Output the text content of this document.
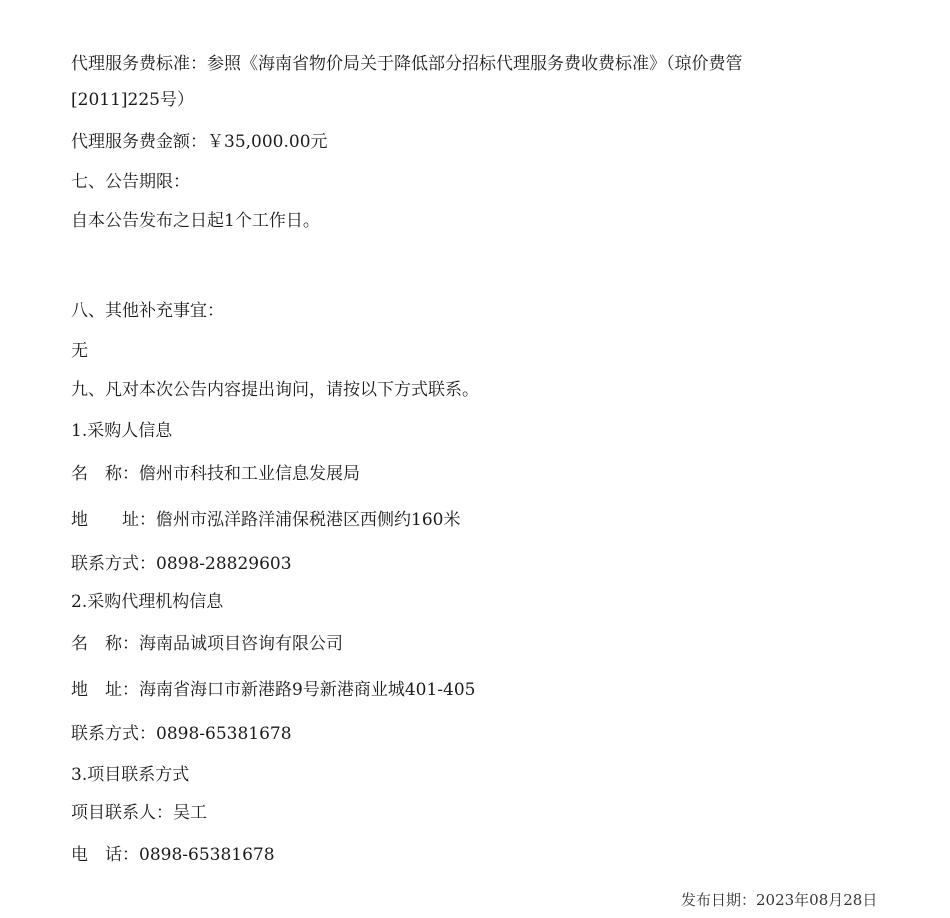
代理服务费标准：参照《海南省物价局关于降低部分招标代理服务费收费标准》（琼价费管
[2011]225号）
代理服务费金额：￥35,000.00元
七、公告期限：
自本公告发布之日起1个工作日。
八、其他补充事宜：
无
九、凡对本次公告内容提出询问，请按以下方式联系。
1.采购人信息
名　称：儋州市科技和工业信息发展局
地　　址：儋州市泓洋路洋浦保税港区西侧约160米
联系方式：0898-28829603
2.采购代理机构信息
名　称：海南品诚项目咨询有限公司
地　址：海南省海口市新港路9号新港商业城401-405
联系方式：0898-65381678
3.项目联系方式
项目联系人：吴工
电　话：0898-65381678
发布日期：2023年08月28日
